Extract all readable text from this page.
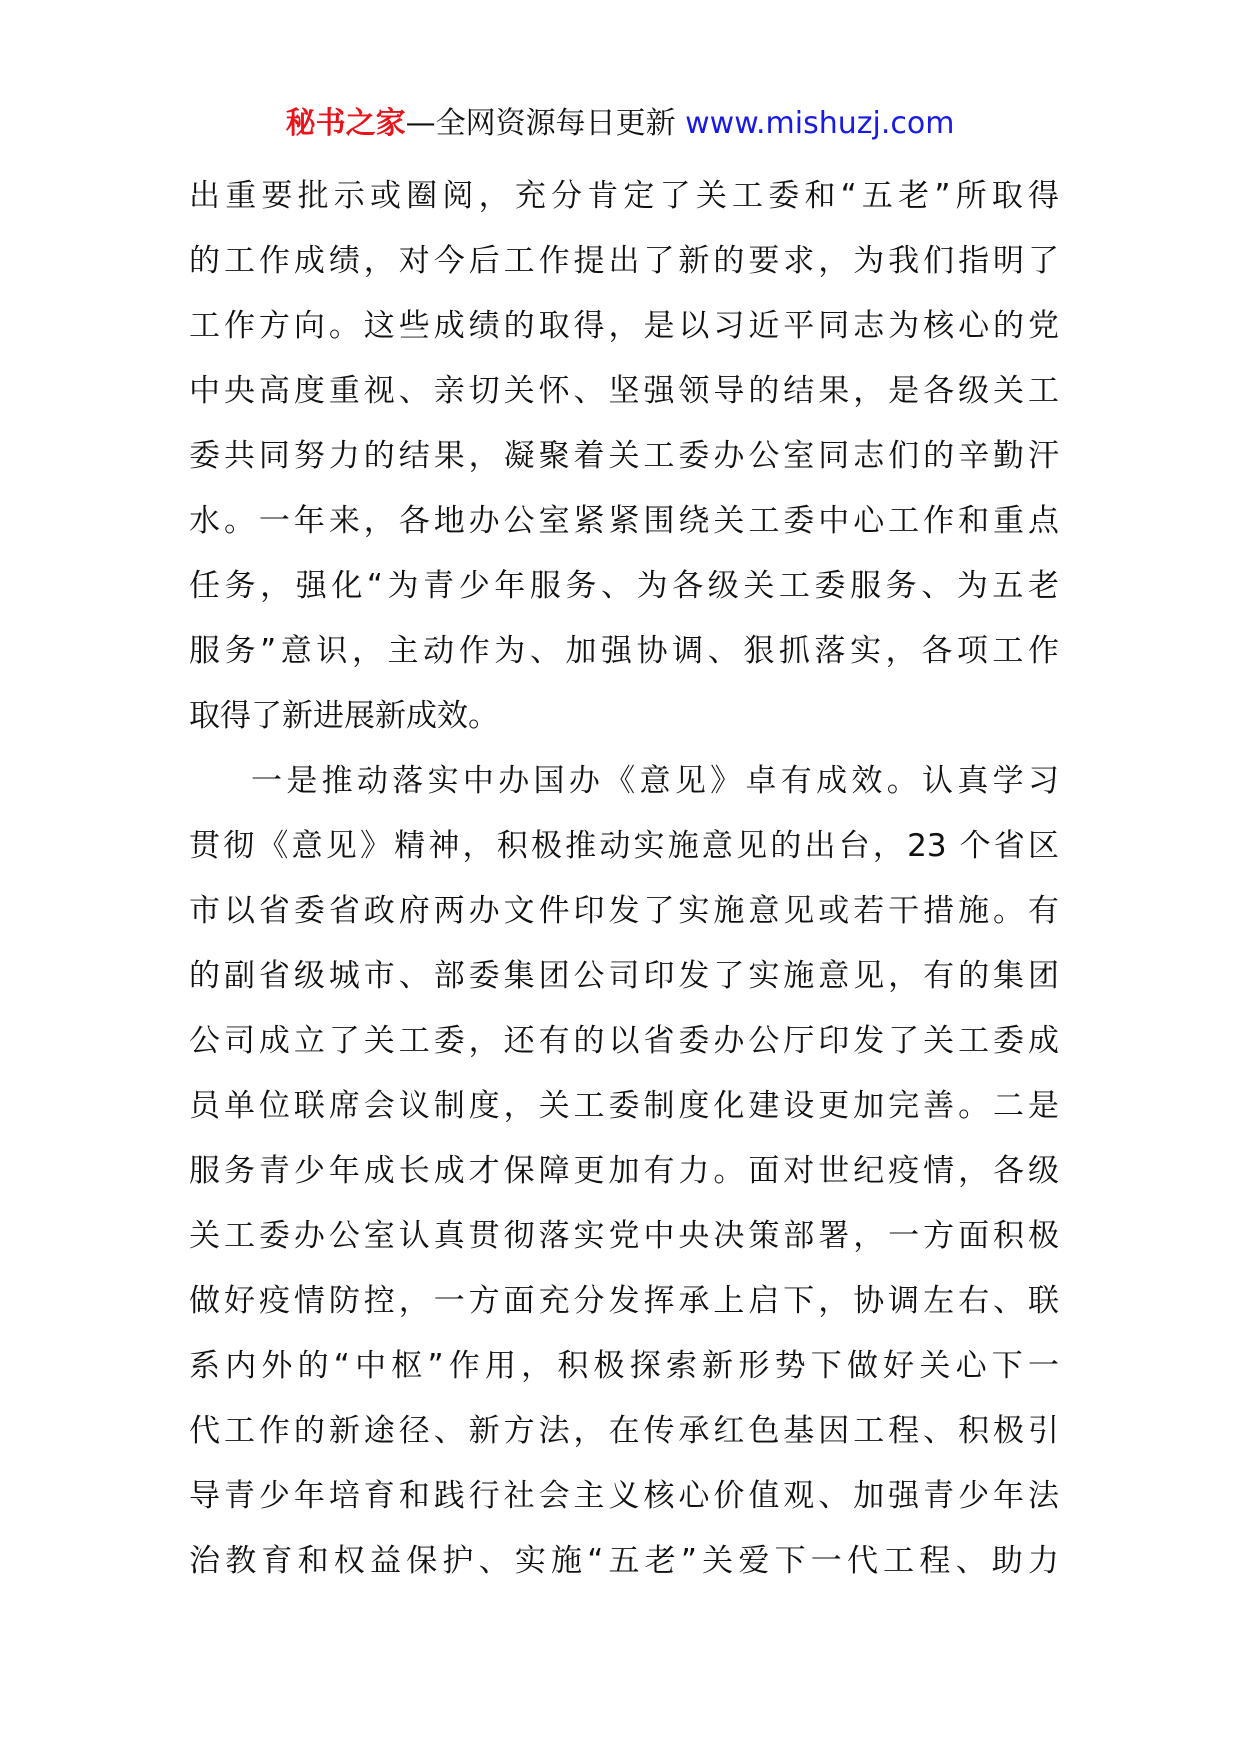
秘书之家—全网资源每日更新 www.mishuzj.com
出重要批示或圈阅，充分肯定了关工委和“五老”所取得
的工作成绩，对今后工作提出了新的要求，为我们指明了
工作方向。这些成绩的取得，是以习近平同志为核心的党
中央高度重视、亲切关怀、坚强领导的结果，是各级关工
委共同努力的结果，凝聚着关工委办公室同志们的辛勤汗
水。一年来，各地办公室紧紧围绕关工委中心工作和重点
任务，强化“为青少年服务、为各级关工委服务、为五老
服务”意识，主动作为、加强协调、狠抓落实，各项工作
取得了新进展新成效。
一是推动落实中办国办《意见》卓有成效。认真学习
贯彻《意见》精神，积极推动实施意见的出台，23 个省区
市以省委省政府两办文件印发了实施意见或若干措施。有
的副省级城市、部委集团公司印发了实施意见，有的集团
公司成立了关工委，还有的以省委办公厅印发了关工委成
员单位联席会议制度，关工委制度化建设更加完善。二是
服务青少年成长成才保障更加有力。面对世纪疫情，各级
关工委办公室认真贯彻落实党中央决策部署，一方面积极
做好疫情防控，一方面充分发挥承上启下，协调左右、联
系内外的“中枢”作用，积极探索新形势下做好关心下一
代工作的新途径、新方法，在传承红色基因工程、积极引
导青少年培育和践行社会主义核心价值观、加强青少年法
治教育和权益保护、实施“五老”关爱下一代工程、助力
